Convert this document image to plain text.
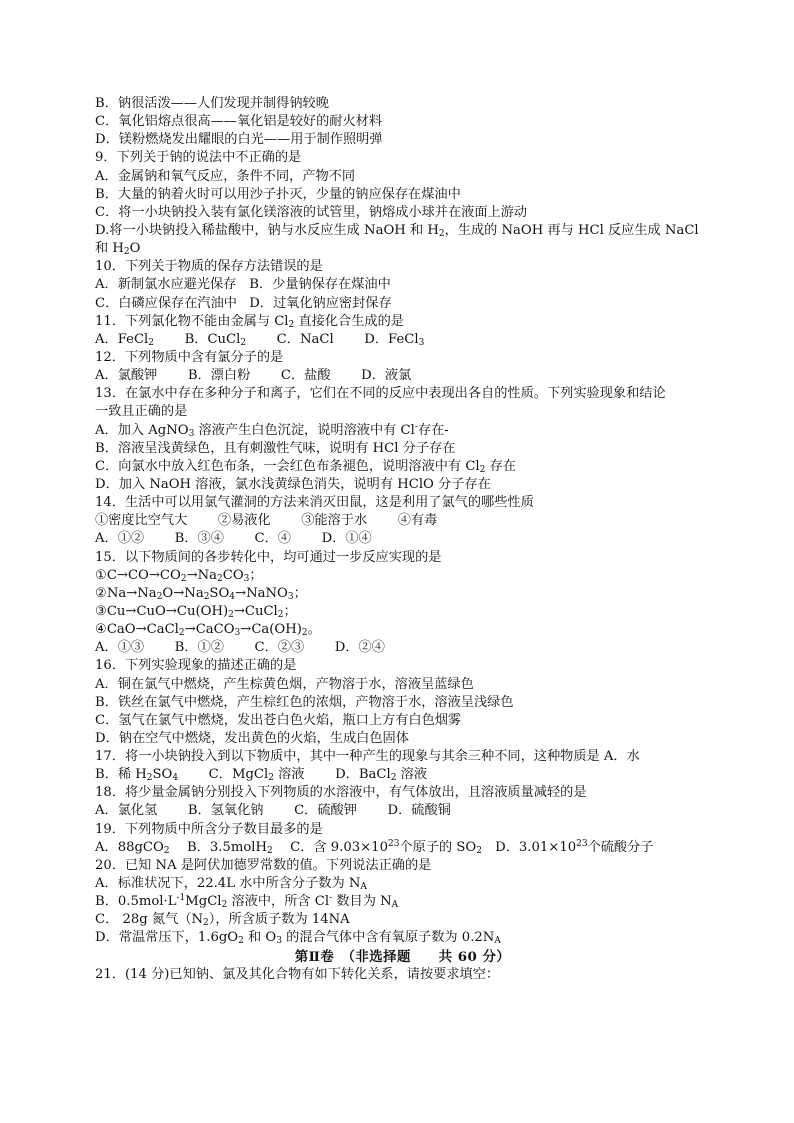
B．钠很活泼——人们发现并制得钠较晚
C．氧化铝熔点很高——氧化铝是较好的耐火材料
D．镁粉燃烧发出耀眼的白光——用于制作照明弹
9．下列关于钠的说法中不正确的是
A．金属钠和氧气反应，条件不同，产物不同
B．大量的钠着火时可以用沙子扑灭，少量的钠应保存在煤油中
C．将一小块钠投入装有氯化镁溶液的试管里，钠熔成小球并在液面上游动
D.将一小块钠投入稀盐酸中，钠与水反应生成 NaOH 和 $H_2$，生成的 NaOH 再与 HCl 反应生成 NaCl
和 $H_2O$
10．下列关于物质的保存方法错误的是
A．新制氯水应避光保存 B．少量钠保存在煤油中
C．白磷应保存在汽油中 D．过氧化钠应密封保存
11．下列氯化物不能由金属与 $Cl_2$ 直接化合生成的是
A．FeCl$_2$　　 B．CuCl$_2$　　 C．NaCl　　 D．FeCl$_3$
12．下列物质中含有氯分子的是
A．氯酸钾　　 B．漂白粉　　 C．盐酸　　 D．液氯
13．在氯水中存在多种分子和离子，它们在不同的反应中表现出各自的性质。下列实验现象和结论
一致且正确的是
A．加入 AgNO$_3$ 溶液产生白色沉淀，说明溶液中有 Cl-存在-
B．溶液呈浅黄绿色，且有刺激性气味，说明有 HCl 分子存在
C．向氯水中放入红色布条，一会红色布条褪色，说明溶液中有 $Cl_2$ 存在
D．加入 NaOH 溶液，氯水浅黄绿色消失，说明有 HClO 分子存在
14．生活中可以用氯气灌洞的方法来消灭田鼠，这是利用了氯气的哪些性质
①密度比空气大　　 ②易液化　　 ③能溶于水　　 ④有毒
A．①②　　 B．③④　　 C．④　　 D．①④
15．以下物质间的各步转化中，均可通过一步反应实现的是
$①C\to CO\to CO_2\to Na_2CO_3$；
$②Na\to Na_2O\to Na_2SO_4\to NaNO_3$；
$③Cu\to CuO\to Cu(OH)_2\to CuCl_2$；
$④CaO\to CaCl_2\to CaCO_3\to Ca(OH)_2$。
A．①③　　 B．①②　　 C．②③　　 D．②④
16．下列实验现象的描述正确的是
A．铜在氯气中燃烧，产生棕黄色烟，产物溶于水，溶液呈蓝绿色
B．铁丝在氯气中燃烧，产生棕红色的浓烟，产物溶于水，溶液呈浅绿色
C．氢气在氯气中燃烧，发出苍白色火焰，瓶口上方有白色烟雾
D．钠在空气中燃烧，发出黄色的火焰，生成白色固体
17．将一小块钠投入到以下物质中，其中一种产生的现象与其余三种不同，这种物质是 A．水
B．稀 $H_2SO_4$　　 C．MgCl$_2$ 溶液　　 D．BaCl$_2$ 溶液
18．将少量金属钠分别投入下列物质的水溶液中，有气体放出，且溶液质量减轻的是
A．氯化氢　　 B．氢氧化钠　　 C．硫酸钾　　 D．硫酸铜
19．下列物质中所含分子数目最多的是
A．88gCO$_2$　 B．3.5molH$_2$　 C．含 $9.03\times 10^{23}$个原子的 $SO_2$　 D．$3.01\times 10^{23}$个硫酸分子
20．已知 NA 是阿伏加德罗常数的值。下列说法正确的是
A．标准状况下，22.4L 水中所含分子数为 $N_A$
B．$0.5mol\cdot L^{-1}MgCl_2$ 溶液中，所含 Cl- 数目为 $N_A$
C． 28g 氮气$(N_2)$，所含质子数为 14NA
D．常温常压下，$1.6gO_2$ 和 $O_3$ 的混合气体中含有氧原子数为 $0.2N_A$
第Ⅱ卷　（非选择题　　共 60 分）
21．(14 分)已知钠、氯及其化合物有如下转化关系，请按要求填空：
